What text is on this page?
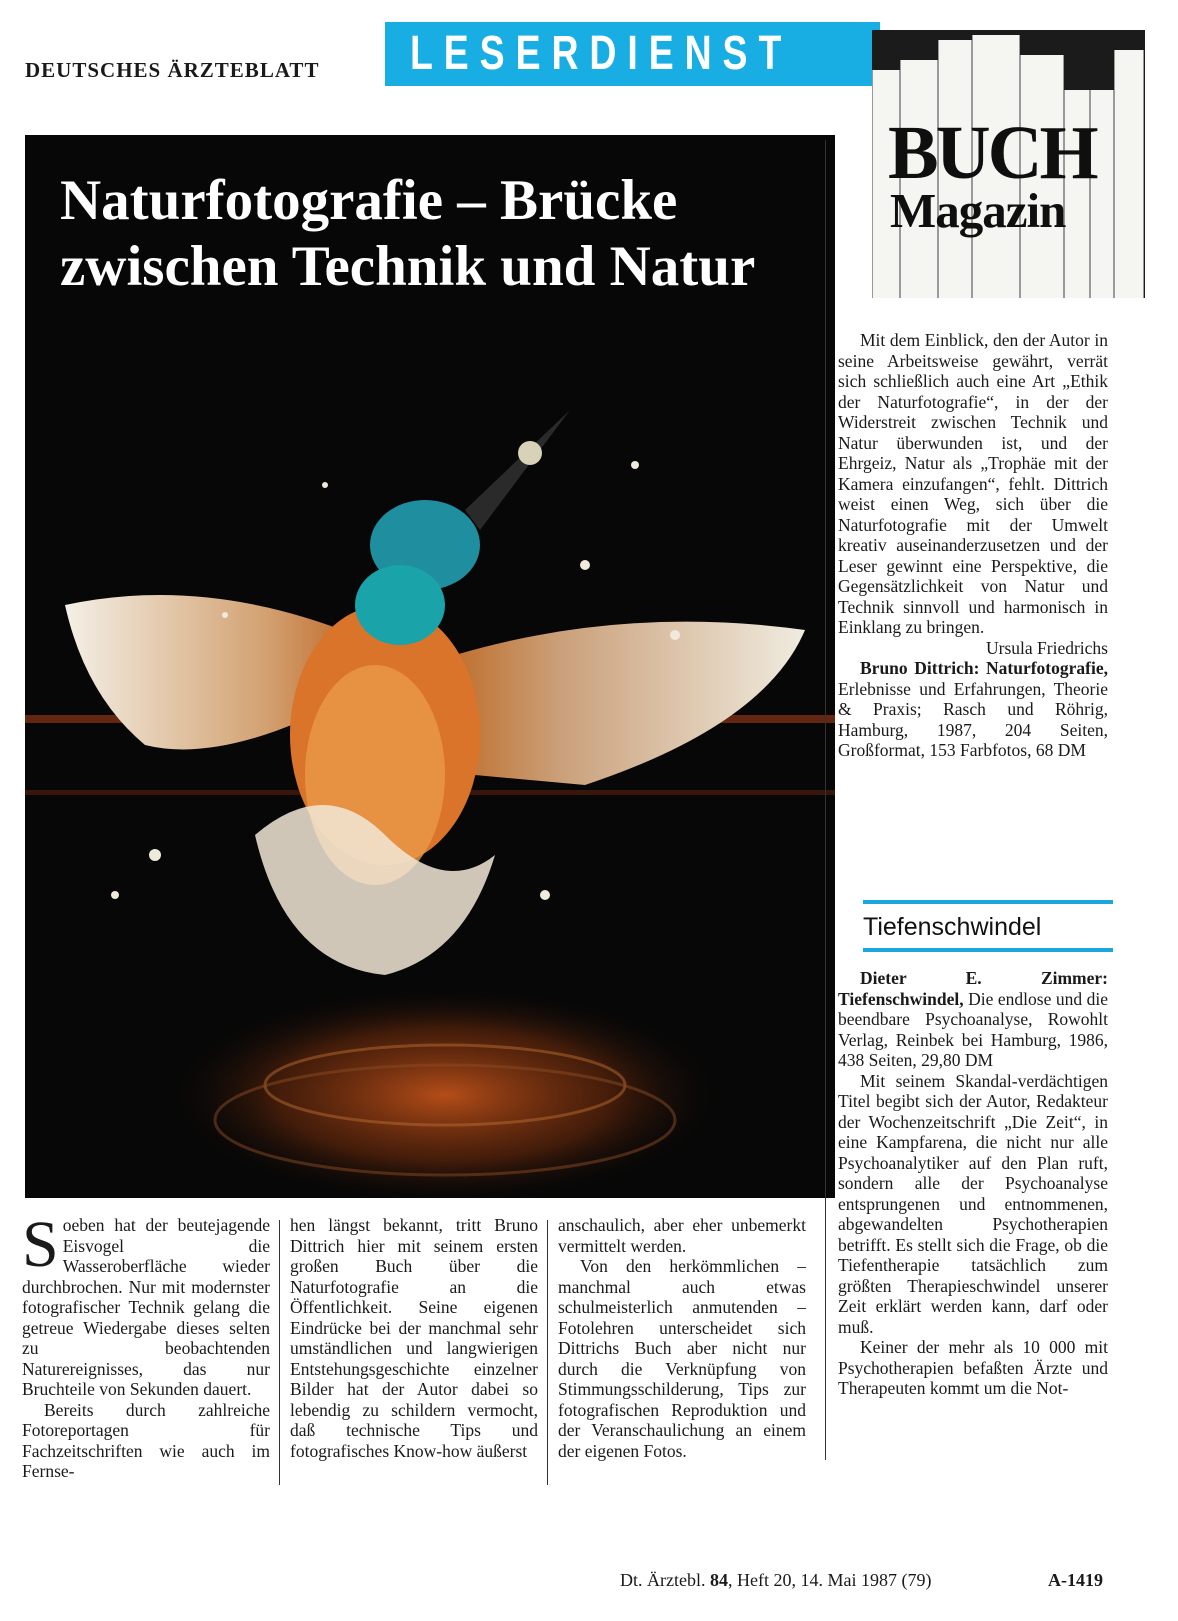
DEUTSCHES ÄRZTEBLATT LESERDIENST
BUCH
Magazin
Naturfotografie – Brücke
zwischen Technik und Natur

Soeben hat der beutejagende Eisvogel die Wasseroberfläche wieder durchbrochen. Nur mit modernster fotografischer Technik gelang die getreue Wiedergabe dieses selten zu beobachtenden Naturereignisses, das nur Bruchteile von Sekunden dauert.

Bereits durch zahlreiche Fotoreportagen für Fachzeitschriften wie auch im Fernse-

hen längst bekannt, tritt Bruno Dittrich hier mit seinem ersten großen Buch über die Naturfotografie an die Öffentlichkeit. Seine eigenen Eindrücke bei der manchmal sehr umständlichen und langwierigen Entstehungsgeschichte einzelner Bilder hat der Autor dabei so lebendig zu schildern vermocht, daß technische Tips und fotografisches Know-how äußerst

anschaulich, aber eher unbemerkt vermittelt werden.

Von den herkömmlichen – manchmal auch etwas schulmeisterlich anmutenden – Fotolehren unterscheidet sich Dittrichs Buch aber nicht nur durch die Verknüpfung von Stimmungsschilderung, Tips zur fotografischen Reproduktion und der Veranschaulichung an einem der eigenen Fotos.

Mit dem Einblick, den der Autor in seine Arbeitsweise gewährt, verrät sich schließlich auch eine Art „Ethik der Naturfotografie“, in der der Widerstreit zwischen Technik und Natur überwunden ist, und der Ehrgeiz, Natur als „Trophäe mit der Kamera einzufangen“, fehlt. Dittrich weist einen Weg, sich über die Naturfotografie mit der Umwelt kreativ auseinanderzusetzen und der Leser gewinnt eine Perspektive, die Gegensätzlichkeit von Natur und Technik sinnvoll und harmonisch in Einklang zu bringen.
Ursula Friedrichs

Bruno Dittrich: Naturfotografie, Erlebnisse und Erfahrungen, Theorie & Praxis; Rasch und Röhrig, Hamburg, 1987, 204 Seiten, Großformat, 153 Farbfotos, 68 DM

Tiefenschwindel

Dieter E. Zimmer: Tiefenschwindel, Die endlose und die beendbare Psychoanalyse, Rowohlt Verlag, Reinbek bei Hamburg, 1986, 438 Seiten, 29,80 DM

Mit seinem Skandal-verdächtigen Titel begibt sich der Autor, Redakteur der Wochenzeitschrift „Die Zeit“, in eine Kampfarena, die nicht nur alle Psychoanalytiker auf den Plan ruft, sondern alle der Psychoanalyse entsprungenen und entnommenen, abgewandelten Psychotherapien betrifft. Es stellt sich die Frage, ob die Tiefentherapie tatsächlich zum größten Therapieschwindel unserer Zeit erklärt werden kann, darf oder muß.

Keiner der mehr als 10 000 mit Psychotherapien befaßten Ärzte und Therapeuten kommt um die Not-

Dt. Ärztebl. 84, Heft 20, 14. Mai 1987 (79)	A-1419
